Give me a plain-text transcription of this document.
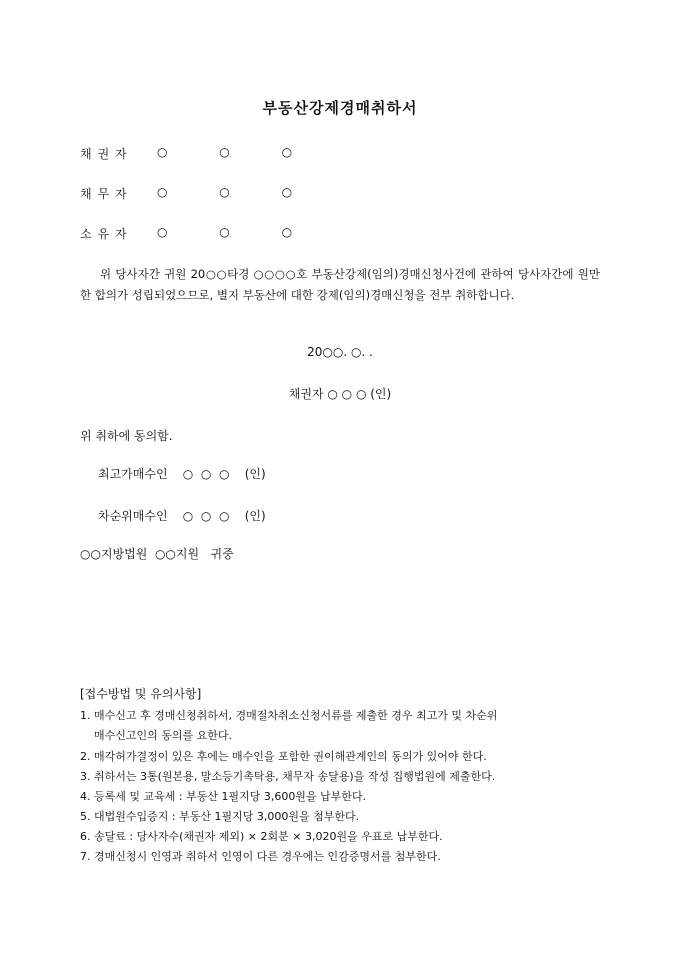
부동산강제경매취하서
채권자 ○ ○ ○
채무자 ○ ○ ○
소유자 ○ ○ ○
위 당사자간 귀원 20○○타경 ○○○○호 부동산강제(임의)경매신청사건에 관하여 당사자간에 원만한 합의가 성립되었으므로, 별지 부동산에 대한 강제(임의)경매신청을 전부 취하합니다.
20○○. ○. .
채권자 ○ ○ ○ (인)
위 취하에 동의함.
최고가매수인    ○  ○  ○    (인)
차순위매수인    ○  ○  ○    (인)
○○지방법원  ○○지원   귀중
[접수방법 및 유의사항]
1. 매수신고 후 경매신청취하서, 경매절차취소신청서류를 제출한 경우 최고가 및 차순위
매수신고인의 동의를 요한다.
2. 매각허가결정이 있은 후에는 매수인을 포함한 권이해관계인의 동의가 있어야 한다.
3. 취하서는 3통(원본용, 말소등기촉탁용, 채무자 송달용)을 작성 집행법원에 제출한다.
4. 등록세 및 교육세 : 부동산 1필지당 3,600원을 납부한다.
5. 대법원수입증지 : 부동산 1필지당 3,000원을 첨부한다.
6. 송달료 : 당사자수(채권자 제외) × 2회분 × 3,020원을 우표로 납부한다.
7. 경매신청시 인영과 취하서 인영이 다른 경우에는 인감증명서를 첨부한다.
